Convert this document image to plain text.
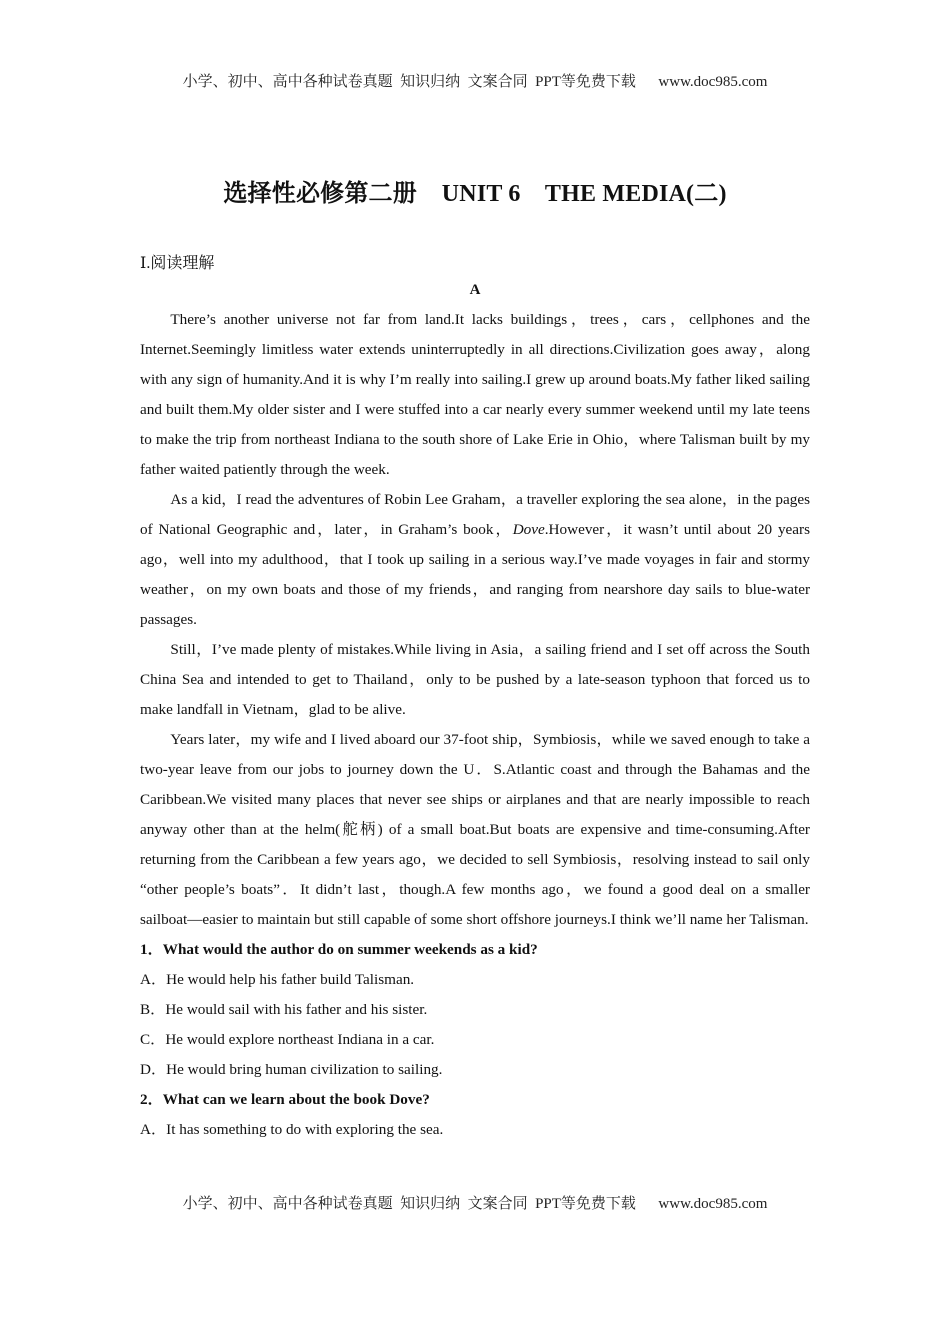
小学、初中、高中各种试卷真题  知识归纳  文案合同  PPT等免费下载      www.doc985.com
选择性必修第二册    UNIT 6    THE MEDIA(二)
Ⅰ.阅读理解
A

There’s another universe not far from land.It lacks buildings，trees，cars，cellphones and the Internet.Seemingly limitless water extends uninterruptedly in all directions.Civilization goes away，along with any sign of humanity.And it is why I’m really into sailing.I grew up around boats.My father liked sailing and built them.My older sister and I were stuffed into a car nearly every summer weekend until my late teens to make the trip from northeast Indiana to the south shore of Lake Erie in Ohio，where Talisman built by my father waited patiently through the week.

As a kid，I read the adventures of Robin Lee Graham，a traveller exploring the sea alone，in the pages of National Geographic and，later，in Graham’s book，Dove.However，it wasn’t until about 20 years ago，well into my adulthood，that I took up sailing in a serious way.I’ve made voyages in fair and stormy weather，on my own boats and those of my friends，and ranging from nearshore day sails to blue-water passages.

Still，I’ve made plenty of mistakes.While living in Asia，a sailing friend and I set off across the South China Sea and intended to get to Thailand，only to be pushed by a late-season typhoon that forced us to make landfall in Vietnam，glad to be alive.

Years later，my wife and I lived aboard our 37-foot ship，Symbiosis，while we saved enough to take a two-year leave from our jobs to journey down the U．S.Atlantic coast and through the Bahamas and the Caribbean.We visited many places that never see ships or airplanes and that are nearly impossible to reach anyway other than at the helm(舵柄) of a small boat.But boats are expensive and time-consuming.After returning from the Caribbean a few years ago，we decided to sell Symbiosis，resolving instead to sail only “other people’s boats”．It didn’t last，though.A few months ago，we found a good deal on a smaller sailboat—easier to maintain but still capable of some short offshore journeys.I think we’ll name her Talisman.

1．What would the author do on summer weekends as a kid?

A．He would help his father build Talisman.

B．He would sail with his father and his sister.

C．He would explore northeast Indiana in a car.

D．He would bring human civilization to sailing.

2．What can we learn about the book Dove?

A．It has something to do with exploring the sea.

小学、初中、高中各种试卷真题  知识归纳  文案合同  PPT等免费下载      www.doc985.com
